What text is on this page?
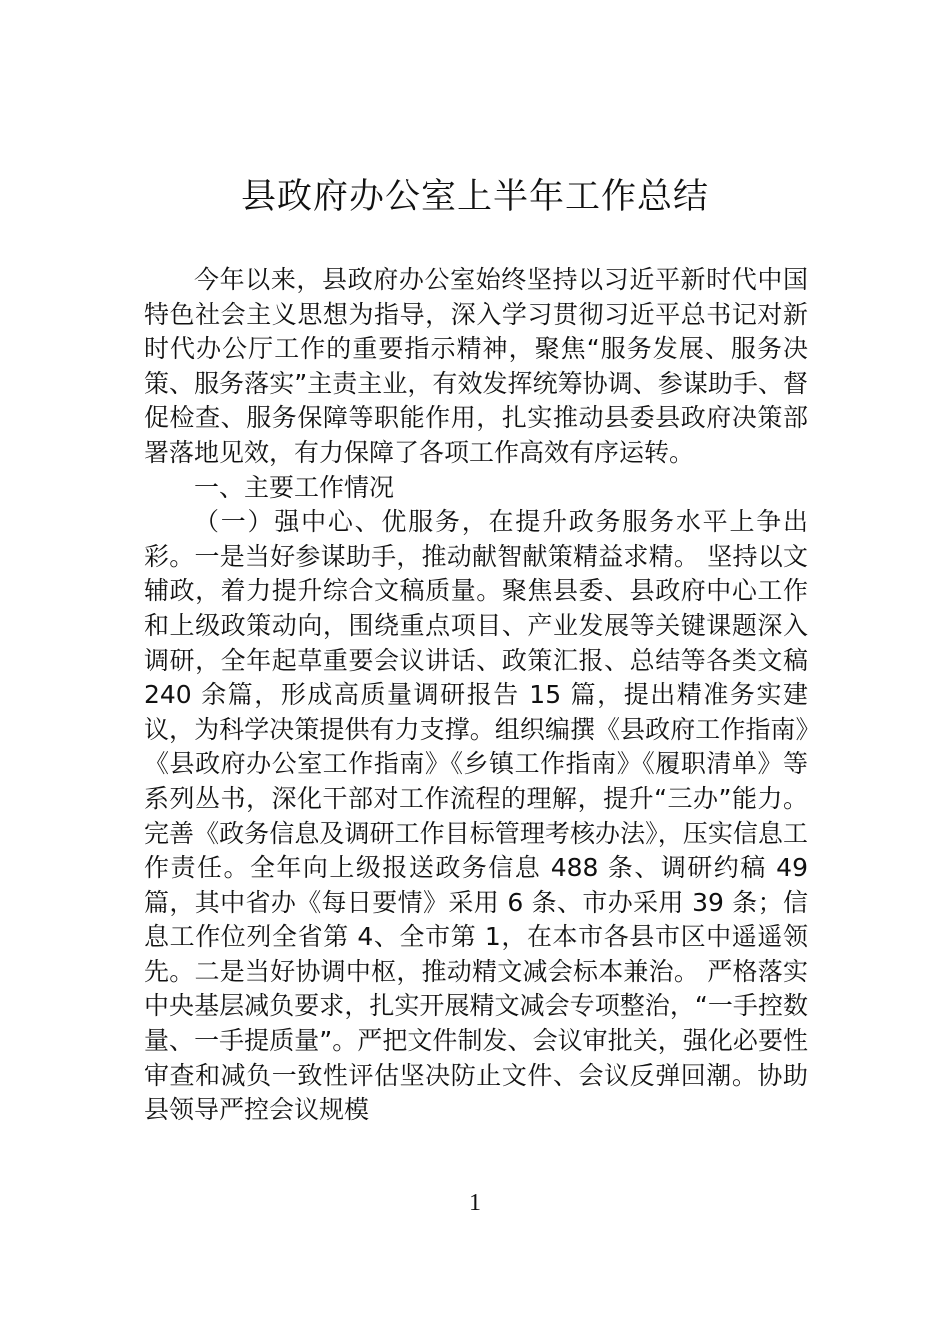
县政府办公室上半年工作总结

今年以来，县政府办公室始终坚持以习近平新时代中国特色社会主义思想为指导，深入学习贯彻习近平总书记对新时代办公厅工作的重要指示精神，聚焦“服务发展、服务决策、服务落实”主责主业，有效发挥统筹协调、参谋助手、督促检查、服务保障等职能作用，扎实推动县委县政府决策部署落地见效，有力保障了各项工作高效有序运转。

一、主要工作情况

（一）强中心、优服务，在提升政务服务水平上争出彩。一是当好参谋助手，推动献智献策精益求精。 坚持以文辅政，着力提升综合文稿质量。聚焦县委、县政府中心工作和上级政策动向，围绕重点项目、产业发展等关键课题深入调研，全年起草重要会议讲话、政策汇报、总结等各类文稿 240 余篇，形成高质量调研报告 15 篇，提出精准务实建议，为科学决策提供有力支撑。组织编撰《县政府工作指南》《县政府办公室工作指南》《乡镇工作指南》《履职清单》等系列丛书，深化干部对工作流程的理解，提升“三办”能力。完善《政务信息及调研工作目标管理考核办法》，压实信息工作责任。全年向上级报送政务信息 488 条、调研约稿 49 篇，其中省办《每日要情》采用 6 条、市办采用 39 条；信息工作位列全省第 4、全市第 1，在本市各县市区中遥遥领先。二是当好协调中枢，推动精文减会标本兼治。 严格落实中央基层减负要求，扎实开展精文减会专项整治，“一手控数量、一手提质量”。严把文件制发、会议审批关，强化必要性审查和减负一致性评估坚决防止文件、会议反弹回潮。协助县领导严控会议规模

1
